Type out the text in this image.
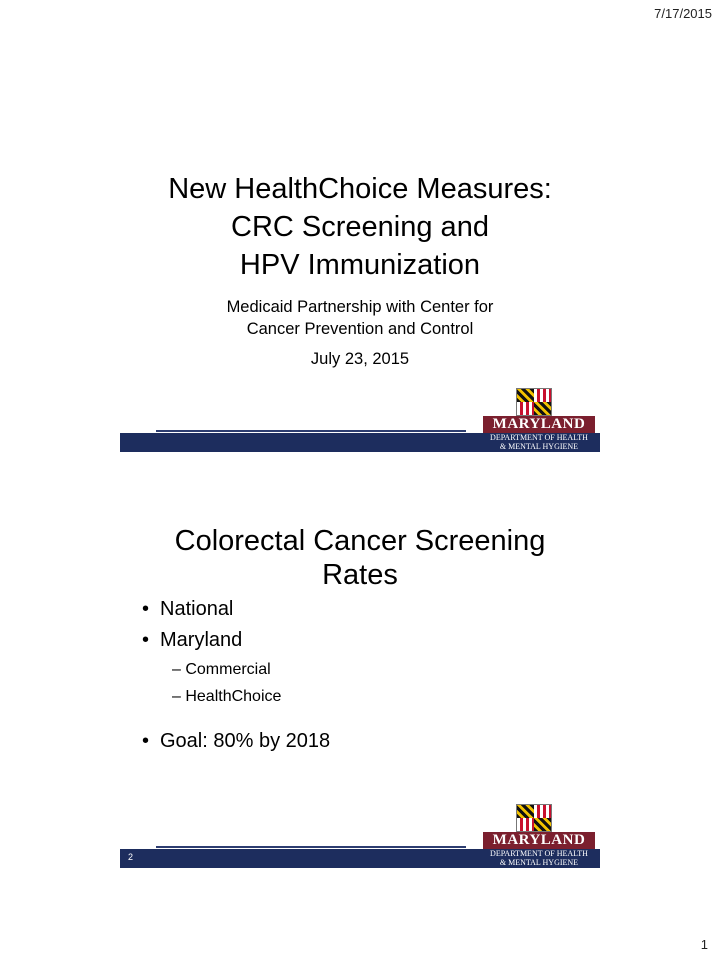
7/17/2015
New HealthChoice Measures:
CRC Screening and
HPV Immunization
Medicaid Partnership with Center for
Cancer Prevention and Control
July 23, 2015
MARYLAND
DEPARTMENT OF HEALTH
& MENTAL HYGIENE
Colorectal Cancer Screening
Rates
• National
• Maryland
– Commercial
– HealthChoice
• Goal: 80% by 2018
2
MARYLAND
DEPARTMENT OF HEALTH
& MENTAL HYGIENE
1
